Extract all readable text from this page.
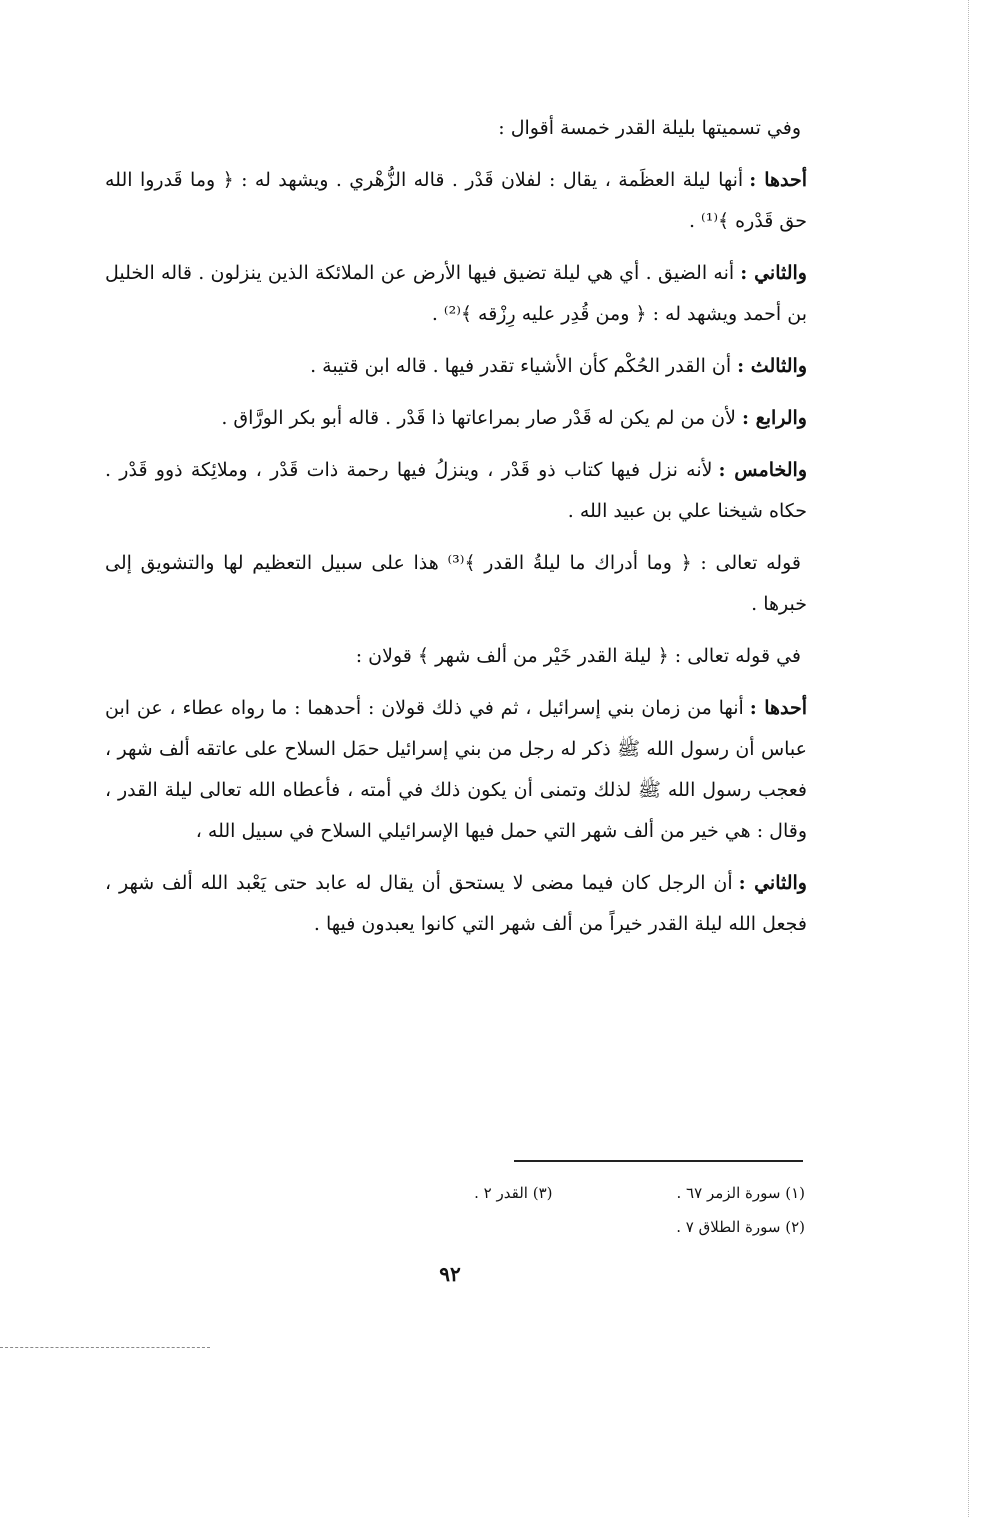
وفي تسميتها بليلة القدر خمسة أقوال :

أحدها :أنها ليلة العظَمة ، يقال : لفلان قَدْر . قاله الزُّهْري . ويشهد له : ﴿ وما قَدروا الله حق قَدْره ﴾⁽¹⁾ .

والثاني :أنه الضيق . أي هي ليلة تضيق فيها الأرض عن الملائكة الذين ينزلون . قاله الخليل بن أحمد ويشهد له : ﴿ ومن قُدِر عليه رِزْقه ﴾⁽²⁾ .

والثالث :أن القدر الحُكْم كأن الأشياء تقدر فيها . قاله ابن قتيبة .

والرابع :لأن من لم يكن له قَدْر صار بمراعاتها ذا قَدْر . قاله أبو بكر الورَّاق .

والخامس :لأنه نزل فيها كتاب ذو قَدْر ، وينزلُ فيها رحمة ذات قَدْر ، وملائِكة ذوو قَدْر . حكاه شيخنا علي بن عبيد الله .

قوله تعالى : ﴿ وما أدراك ما ليلةُ القدر ﴾⁽³⁾ هذا على سبيل التعظيم لها والتشويق إلى خبرها .

في قوله تعالى : ﴿ ليلة القدر خَيْر من ألف شهر ﴾ قولان :

أحدها :أنها من زمان بني إسرائيل ، ثم في ذلك قولان : أحدهما : ما رواه عطاء ، عن ابن عباس أن رسول الله ﷺ ذكر له رجل من بني إسرائيل حمَل السلاح على عاتقه ألف شهر ، فعجب رسول الله ﷺ لذلك وتمنى أن يكون ذلك في أمته ، فأعطاه الله تعالى ليلة القدر ، وقال : هي خير من ألف شهر التي حمل فيها الإسرائيلي السلاح في سبيل الله ،

والثاني :أن الرجل كان فيما مضى لا يستحق أن يقال له عابد حتى يَعْبد الله ألف شهر ، فجعل الله ليلة القدر خيراً من ألف شهر التي كانوا يعبدون فيها .

(١) سورة الزمر ٦٧ .
(٣) القدر ٢ .
(٢) سورة الطلاق ٧ .
٩٢
